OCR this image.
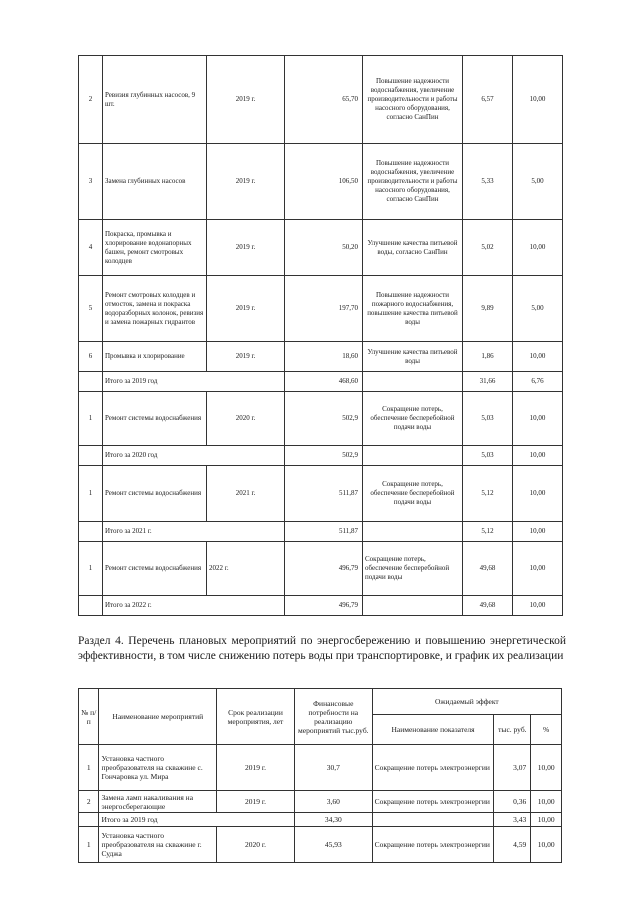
2	Ревизия глубинных насосов, 9 шт.	2019 г.	65,70	Повышение надежности водоснабжения, увеличение производительности и работы насосного оборудования, согласно СанПин	6,57	10,00
3	Замена глубинных насосов	2019 г.	106,50	Повышение надежности водоснабжения, увеличение производительности и работы насосного оборудования, согласно СанПин	5,33	5,00
4	Покраска, промывка и хлорирование водонапорных башен, ремонт смотровых колодцев	2019 г.	50,20	Улучшение качества питьевой воды, согласно СанПин	5,02	10,00
5	Ремонт смотровых колодцев и отмосток, замена и покраска водоразборных колонок, ревизия и замена пожарных гидрантов	2019 г.	197,70	Повышение надежности пожарного водоснабжения, повышение качества питьевой воды	9,89	5,00
6	Промывка и хлорирование	2019 г.	18,60	Улучшение качества питьевой воды	1,86	10,00
	Итого за 2019 год		468,60		31,66	6,76
1	Ремонт системы водоснабжения	2020 г.	502,9	Сокращение потерь, обеспечение бесперебойной подачи воды	5,03	10,00
	Итого за 2020 год		502,9		5,03	10,00
1	Ремонт системы водоснабжения	2021 г.	511,87	Сокращение потерь, обеспечение бесперебойной подачи воды	5,12	10,00
	Итого за 2021 г.		511,87		5,12	10,00
1	Ремонт системы водоснабжения	2022 г.	496,79	Сокращение потерь, обеспечение бесперебойной подачи воды	49,68	10,00
	Итого за 2022 г.		496,79		49,68	10,00

Раздел 4. Перечень плановых мероприятий по энергосбережению и повышению энергетической эффективности, в том числе снижению потерь воды при транспортировке, и график их реализации

№ п/ п	Наименование мероприятий	Срок реализации мероприятия, лет	Финансовые потребности на реализацию мероприятий тыс.руб.	Ожидаемый эффект		
				Наименование показателя	тыс. руб.	%
1	Установка частного преобразователя на скважине с. Гончаровка ул. Мира	2019 г.	30,7	Сокращение потерь электроэнергии	3,07	10,00
2	Замена ламп накаливания на энергосберегающие	2019 г.	3,60	Сокращение потерь электроэнергии	0,36	10,00
	Итого за 2019 год		34,30		3,43	10,00
1	Установка частного преобразователя на скважине г. Суджа	2020 г.	45,93	Сокращение потерь электроэнергии	4,59	10,00
